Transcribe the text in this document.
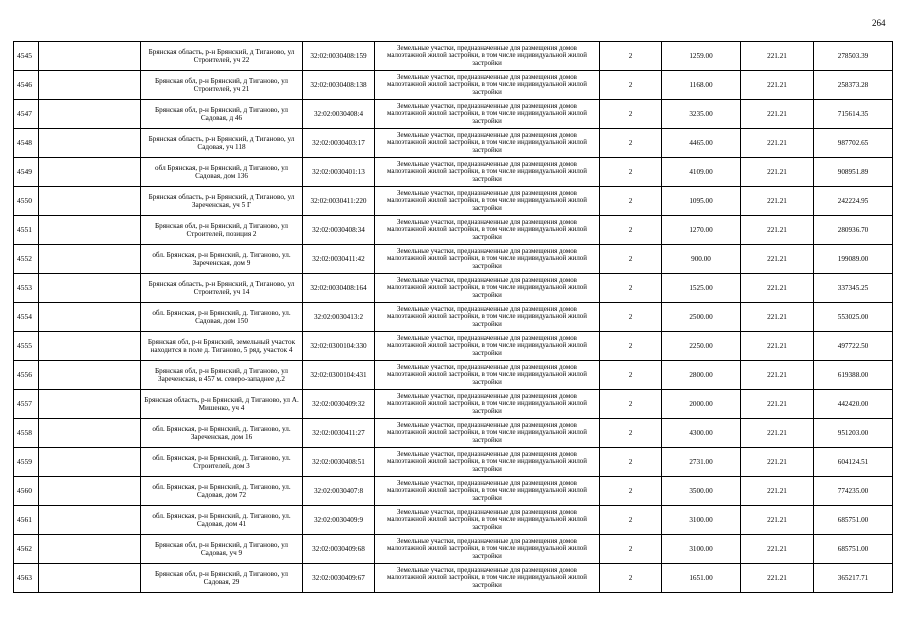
264
4545		Брянская область, р-н Брянский, д Тиганово, ул Строителей, уч 22	32:02:0030408:159	Земельные участки, предназначенные для размещения домов малоэтажной жилой застройки, в том числе индивидуальной жилой застройки	2	1259.00	221.21	278503.39
4546		Брянская обл, р-н Брянский, д Тиганово, ул Строителей, уч 21	32:02:0030408:138	Земельные участки, предназначенные для размещения домов малоэтажной жилой застройки, в том числе индивидуальной жилой застройки	2	1168.00	221.21	258373.28
4547		Брянская обл, р-н Брянский, д Тиганово, ул Садовая, д 46	32:02:0030408:4	Земельные участки, предназначенные для размещения домов малоэтажной жилой застройки, в том числе индивидуальной жилой застройки	2	3235.00	221.21	715614.35
4548		Брянская область, р-н Брянский, д Тиганово, ул Садовая, уч 118	32:02:0030403:17	Земельные участки, предназначенные для размещения домов малоэтажной жилой застройки, в том числе индивидуальной жилой застройки	2	4465.00	221.21	987702.65
4549		обл Брянская, р-н Брянский, д Тиганово, ул Садовая, дом 136	32:02:0030401:13	Земельные участки, предназначенные для размещения домов малоэтажной жилой застройки, в том числе индивидуальной жилой застройки	2	4109.00	221.21	908951.89
4550		Брянская область, р-н Брянский, д Тиганово, ул Зареченская, уч 5 Г	32:02:0030411:220	Земельные участки, предназначенные для размещения домов малоэтажной жилой застройки, в том числе индивидуальной жилой застройки	2	1095.00	221.21	242224.95
4551		Брянская обл, р-н Брянский, д Тиганово, ул Строителей, позиция 2	32:02:0030408:34	Земельные участки, предназначенные для размещения домов малоэтажной жилой застройки, в том числе индивидуальной жилой застройки	2	1270.00	221.21	280936.70
4552		обл. Брянская, р-н Брянский, д. Тиганово, ул. Зареченская, дом 9	32:02:0030411:42	Земельные участки, предназначенные для размещения домов малоэтажной жилой застройки, в том числе индивидуальной жилой застройки	2	900.00	221.21	199089.00
4553		Брянская область, р-н Брянский, д Тиганово, ул Строителей, уч 14	32:02:0030408:164	Земельные участки, предназначенные для размещения домов малоэтажной жилой застройки, в том числе индивидуальной жилой застройки	2	1525.00	221.21	337345.25
4554		обл. Брянская, р-н Брянский, д. Тиганово, ул. Садовая, дом 150	32:02:0030413:2	Земельные участки, предназначенные для размещения домов малоэтажной жилой застройки, в том числе индивидуальной жилой застройки	2	2500.00	221.21	553025.00
4555		Брянская обл, р-н Брянский, земельный участок находится в поле д. Тиганово, 5 ряд, участок 4	32:02:0300104:330	Земельные участки, предназначенные для размещения домов малоэтажной жилой застройки, в том числе индивидуальной жилой застройки	2	2250.00	221.21	497722.50
4556		Брянская обл, р-н Брянский, д Тиганово, ул Зареченская, в 457 м. северо-западнее д.2	32:02:0300104:431	Земельные участки, предназначенные для размещения домов малоэтажной жилой застройки, в том числе индивидуальной жилой застройки	2	2800.00	221.21	619388.00
4557		Брянская область, р-н Брянский, д Тиганово, ул А. Мишенко, уч 4	32:02:0030409:32	Земельные участки, предназначенные для размещения домов малоэтажной жилой застройки, в том числе индивидуальной жилой застройки	2	2000.00	221.21	442420.00
4558		обл. Брянская, р-н Брянский, д. Тиганово, ул. Зареченская, дом 16	32:02:0030411:27	Земельные участки, предназначенные для размещения домов малоэтажной жилой застройки, в том числе индивидуальной жилой застройки	2	4300.00	221.21	951203.00
4559		обл. Брянская, р-н Брянский, д. Тиганово, ул. Строителей, дом 3	32:02:0030408:51	Земельные участки, предназначенные для размещения домов малоэтажной жилой застройки, в том числе индивидуальной жилой застройки	2	2731.00	221.21	604124.51
4560		обл. Брянская, р-н Брянский, д. Тиганово, ул. Садовая, дом 72	32:02:0030407:8	Земельные участки, предназначенные для размещения домов малоэтажной жилой застройки, в том числе индивидуальной жилой застройки	2	3500.00	221.21	774235.00
4561		обл. Брянская, р-н Брянский, д. Тиганово, ул. Садовая, дом 41	32:02:0030409:9	Земельные участки, предназначенные для размещения домов малоэтажной жилой застройки, в том числе индивидуальной жилой застройки	2	3100.00	221.21	685751.00
4562		Брянская обл, р-н Брянский, д Тиганово, ул Садовая, уч 9	32:02:0030409:68	Земельные участки, предназначенные для размещения домов малоэтажной жилой застройки, в том числе индивидуальной жилой застройки	2	3100.00	221.21	685751.00
4563		Брянская обл, р-н Брянский, д Тиганово, ул Садовая, 29	32:02:0030409:67	Земельные участки, предназначенные для размещения домов малоэтажной жилой застройки, в том числе индивидуальной жилой застройки	2	1651.00	221.21	365217.71
